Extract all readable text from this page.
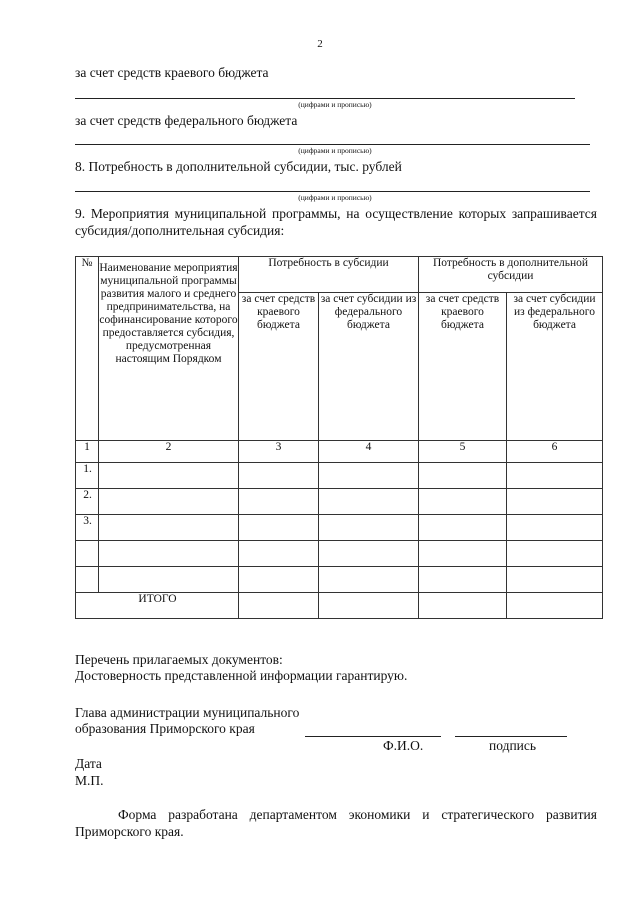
2
за счет средств краевого бюджета
(цифрами и прописью)
за счет средств федерального бюджета
(цифрами и прописью)
8. Потребность в дополнительной субсидии, тыс. рублей
(цифрами и прописью)
9. Мероприятия муниципальной программы, на осуществление которых запрашивается субсидия/дополнительная субсидия:
№	Наименование мероприятия муниципальной программы развития малого и среднего предпринимательства, на софинансирование которого предоставляется субсидия, предусмотренная настоящим Порядком	Потребность в субсидии		Потребность в дополнительной субсидии	
		за счет средств краевого бюджета	за счет субсидии из федерального бюджета	за счет средств краевого бюджета	за счет субсидии из федерального бюджета
1	2	3	4	5	6
1.					
2.					
3.					

ИТОГО					
Перечень прилагаемых документов:
Достоверность представленной информации гарантирую.
Глава администрации муниципального
образования Приморского края
Ф.И.О.	подпись
Дата
М.П.
Форма разработана департаментом экономики и стратегического развития Приморского края.
